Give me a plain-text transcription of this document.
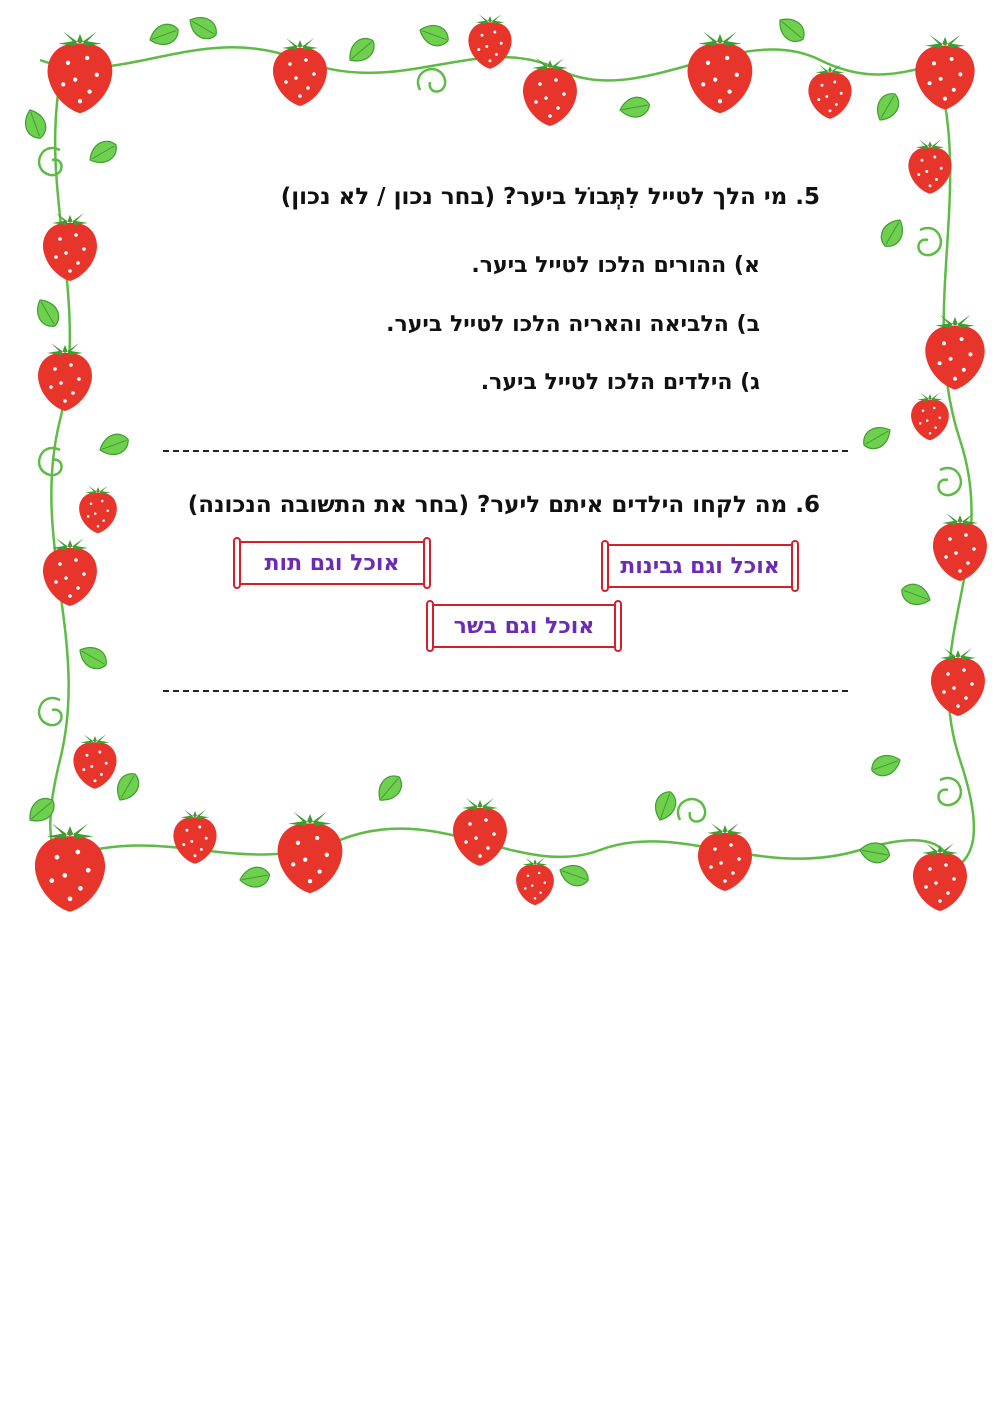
5. מי הלך לטייל לִתְּבוֹל ביער? (בחר נכון / לא נכון)
א) ההורים הלכו לטייל ביער.
ב) הלביאה והאריה הלכו לטייל ביער.
ג) הילדים הלכו לטייל ביער.
6. מה לקחו הילדים איתם ליער? (בחר את התשובה הנכונה)
אוכל וגם גבינות
אוכל וגם תות
אוכל וגם בשר
